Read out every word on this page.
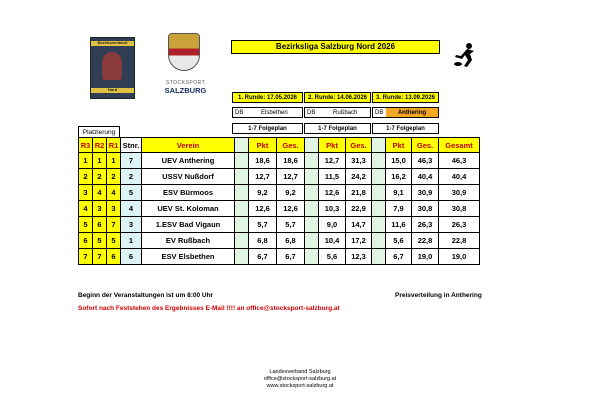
Bezirksverband
Nord
STOCKSPORT
SALZBURG
Bezirksliga Salzburg Nord 2026
1. Runde: 17.05.2026	2. Runde: 14.06.2026	3. Runde: 13.09.2026
DB	Elsbethen	DB	Rußbach	DB	Anthering
1-7 Folgeplan	1-7 Folgeplan	1-7 Folgeplan
Platzierung
R3	R2	R1	Stnr.	Verein		Pkt	Ges.		Pkt	Ges.		Pkt	Ges.	Gesamt
1	1	1	7	UEV Anthering		18,6	18,6		12,7	31,3		15,0	46,3	46,3
2	2	2	2	USSV Nußdorf		12,7	12,7		11,5	24,2		16,2	40,4	40,4
3	4	4	5	ESV Bürmoos		9,2	9,2		12,6	21,8		9,1	30,9	30,9
4	3	3	4	UEV St. Koloman		12,6	12,6		10,3	22,9		7,9	30,8	30,8
5	6	7	3	1.ESV Bad Vigaun		5,7	5,7		9,0	14,7		11,6	26,3	26,3
6	5	5	1	EV Rußbach		6,8	6,8		10,4	17,2		5,6	22,8	22,8
7	7	6	6	ESV Elsbethen		6,7	6,7		5,6	12,3		6,7	19,0	19,0
Beginn der Veranstaltungen ist um 8:00 Uhr
Sofort nach Feststehen des Ergebnisses E-Mail !!!! an office@stocksport-salzburg.at
Preisverteilung in Anthering
Landesverband Salzburg
office@stocksport-salzburg.at
www.stocksport-salzburg.at
